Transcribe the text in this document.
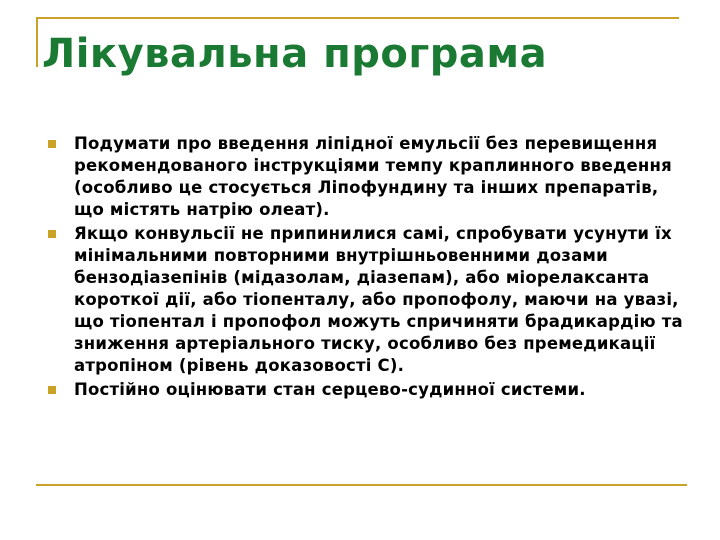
Лікувальна програма
Подумати про введення ліпідної емульсії без перевищення рекомендованого інструкціями темпу краплинного введення (особливо це стосується Ліпофундину та інших препаратів, що містять натрію олеат).
Якщо конвульсії не припинилися самі, спробувати усунути їх мінімальними повторними внутрішньовенними дозами бензодіазепінів (мідазолам, діазепам), або міорелаксанта короткої дії, або тіопенталу, або пропофолу, маючи на увазі, що тіопентал і пропофол можуть спричиняти брадикардію та зниження артеріального тиску, особливо без премедикації атропіном (рівень доказовості C).
Постійно оцінювати стан серцево-судинної системи.
